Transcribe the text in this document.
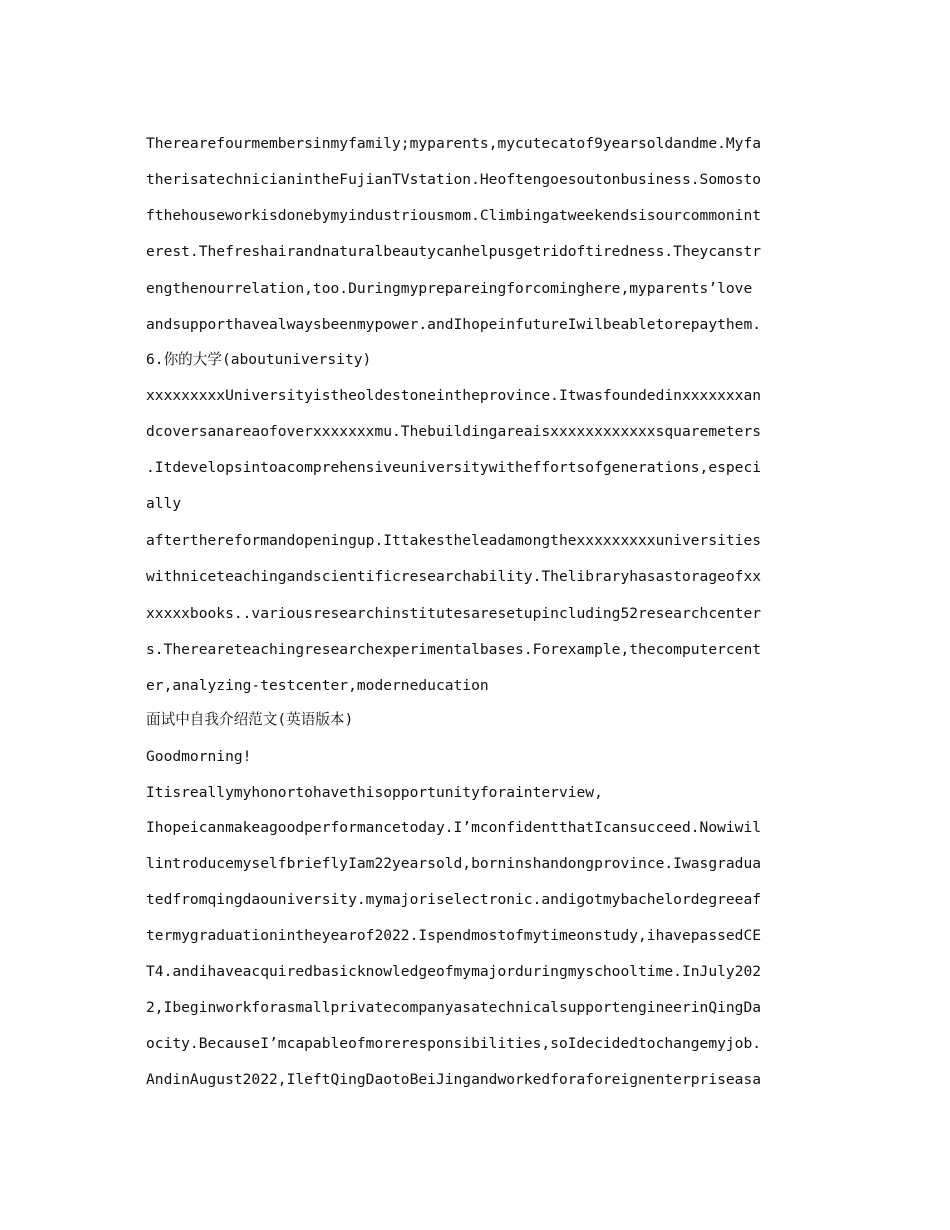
Therearefourmembersinmyfamily;myparents,mycutecatof9yearsoldandme.Myfa
therisatechnicianintheFujianTVstation.Heoftengoesoutonbusiness.Somosto
fthehouseworkisdonebymyindustriousmom.Climbingatweekendsisourcommonint
erest.Thefreshairandnaturalbeautycanhelpusgetridoftiredness.Theycanstr
engthenourrelation,too.Duringmyprepareingforcominghere,myparents’love
andsupporthavealwaysbeenmypower.andIhopeinfutureIwilbeabletorepaythem.
6.你的大学(aboutuniversity)
xxxxxxxxxUniversityistheoldestoneintheprovince.Itwasfoundedinxxxxxxxan
dcoversanareaofoverxxxxxxxmu.Thebuildingareaisxxxxxxxxxxxxsquaremeters
.Itdevelopsintoacomprehensiveuniversitywitheffortsofgenerations,especi
ally
afterthereformandopeningup.Ittakestheleadamongthexxxxxxxxxuniversities
withniceteachingandscientificresearchability.Thelibraryhasastorageofxx
xxxxxbooks..variousresearchinstitutesaresetupincluding52researchcenter
s.Thereareteachingresearchexperimentalbases.Forexample,thecomputercent
er,analyzing-testcenter,moderneducation
面试中自我介绍范文(英语版本)
Goodmorning!
Itisreallymyhonortohavethisopportunityforainterview,
Ihopeicanmakeagoodperformancetoday.I’mconfidentthatIcansucceed.Nowiwil
lintroducemyselfbrieflyIam22yearsold,borninshandongprovince.Iwasgradua
tedfromqingdaouniversity.mymajoriselectronic.andigotmybachelordegreeaf
termygraduationintheyearof2022.Ispendmostofmytimeonstudy,ihavepassedCE
T4.andihaveacquiredbasicknowledgeofmymajorduringmyschooltime.InJuly202
2,IbeginworkforasmallprivatecompanyasatechnicalsupportengineerinQingDa
ocity.BecauseI’mcapableofmoreresponsibilities,soIdecidedtochangemyjob.
AndinAugust2022,IleftQingDaotoBeiJingandworkedforaforeignenterpriseasa
